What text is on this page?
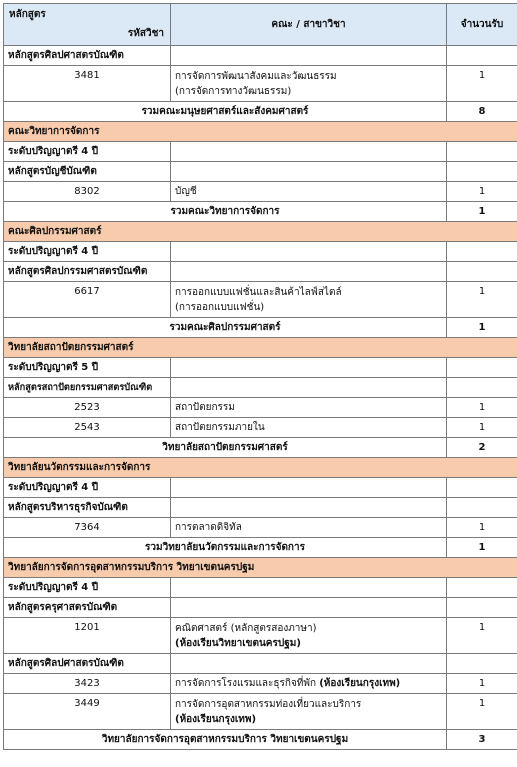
หลักสูตร
รหัสวิชา	คณะ / สาขาวิชา	จำนวนรับ
หลักสูตรศิลปศาสตรบัณฑิต		
3481	การจัดการพัฒนาสังคมและวัฒนธรรม
(การจัดการทางวัฒนธรรม)	1
รวมคณะมนุษยศาสตร์และสังคมศาสตร์		8
คณะวิทยาการจัดการ		
ระดับปริญญาตรี 4 ปี		
หลักสูตรบัญชีบัณฑิต		
8302	บัญชี	1
รวมคณะวิทยาการจัดการ		1
คณะศิลปกรรมศาสตร์		
ระดับปริญญาตรี 4 ปี		
หลักสูตรศิลปกรรมศาสตรบัณฑิต		
6617	การออกแบบแฟชั่นและสินค้าไลฟ์สไตล์
(การออกแบบแฟชั่น)	1
รวมคณะศิลปกรรมศาสตร์		1
วิทยาลัยสถาปัตยกรรมศาสตร์		
ระดับปริญญาตรี 5 ปี		
หลักสูตรสถาปัตยกรรมศาสตรบัณฑิต		
2523	สถาปัตยกรรม	1
2543	สถาปัตยกรรมภายใน	1
วิทยาลัยสถาปัตยกรรมศาสตร์		2
วิทยาลัยนวัตกรรมและการจัดการ		
ระดับปริญญาตรี 4 ปี		
หลักสูตรบริหารธุรกิจบัณฑิต		
7364	การตลาดดิจิทัล	1
รวมวิทยาลัยนวัตกรรมและการจัดการ		1
วิทยาลัยการจัดการอุตสาหกรรมบริการ วิทยาเขตนครปฐม		
ระดับปริญญาตรี 4 ปี		
หลักสูตรครุศาสตรบัณฑิต		
1201	คณิตศาสตร์ (หลักสูตรสองภาษา)
(ห้องเรียนวิทยาเขตนครปฐม)	1
หลักสูตรศิลปศาสตรบัณฑิต		
3423	การจัดการโรงแรมและธุรกิจที่พัก (ห้องเรียนกรุงเทพ)	1
3449	การจัดการอุตสาหกรรมท่องเที่ยวและบริการ
(ห้องเรียนกรุงเทพ)	1
วิทยาลัยการจัดการอุตสาหกรรมบริการ วิทยาเขตนครปฐม		3
